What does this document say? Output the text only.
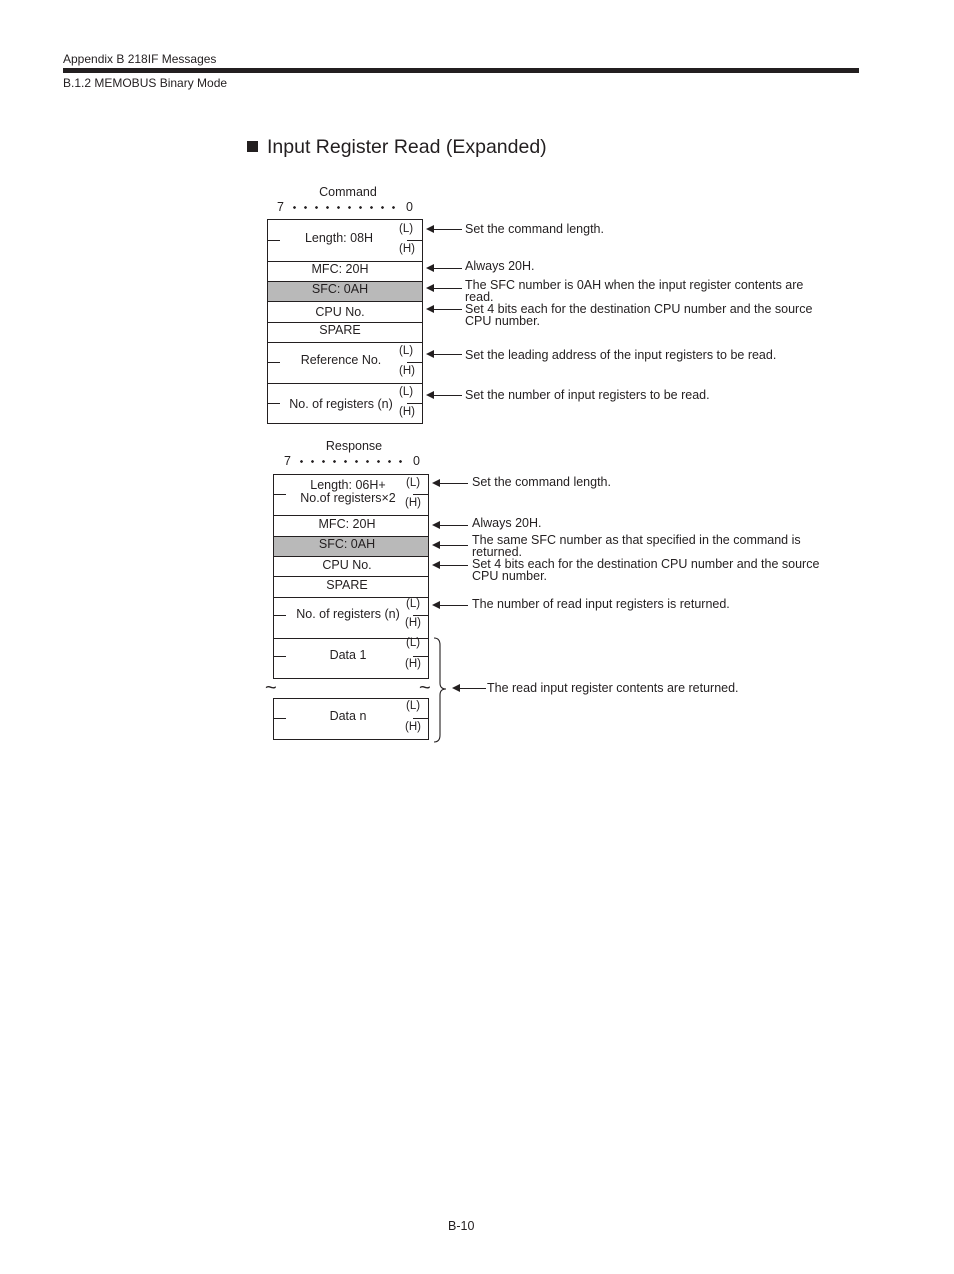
Appendix B 218IF Messages
B.1.2 MEMOBUS Binary Mode
Input Register Read (Expanded)
Command
7	0
Length: 08H
MFC: 20H
SFC: 0AH
CPU No.
SPARE
Reference No.
No. of registers (n)
(L)
(H)
(L)
(H)
(L)
(H)
Set the command length.
Always 20H.
The SFC number is 0AH when the input register contents are
read.
Set 4 bits each for the destination CPU number and the source
CPU number.
Set the leading address of the input registers to be read.
Set the number of input registers to be read.
Response
7	0
Length: 06H+
No.of registers×2
MFC: 20H
SFC: 0AH
CPU No.
SPARE
No. of registers (n)
Data 1
Data n
(L)
(H)
(L)
(H)
(L)
(H)
(L)
(H)
~	~
Set the command length.
Always 20H.
The same SFC number as that specified in the command is
returned.
Set 4 bits each for the destination CPU number and the source
CPU number.
The number of read input registers is returned.
The read input register contents are returned.
B-10
